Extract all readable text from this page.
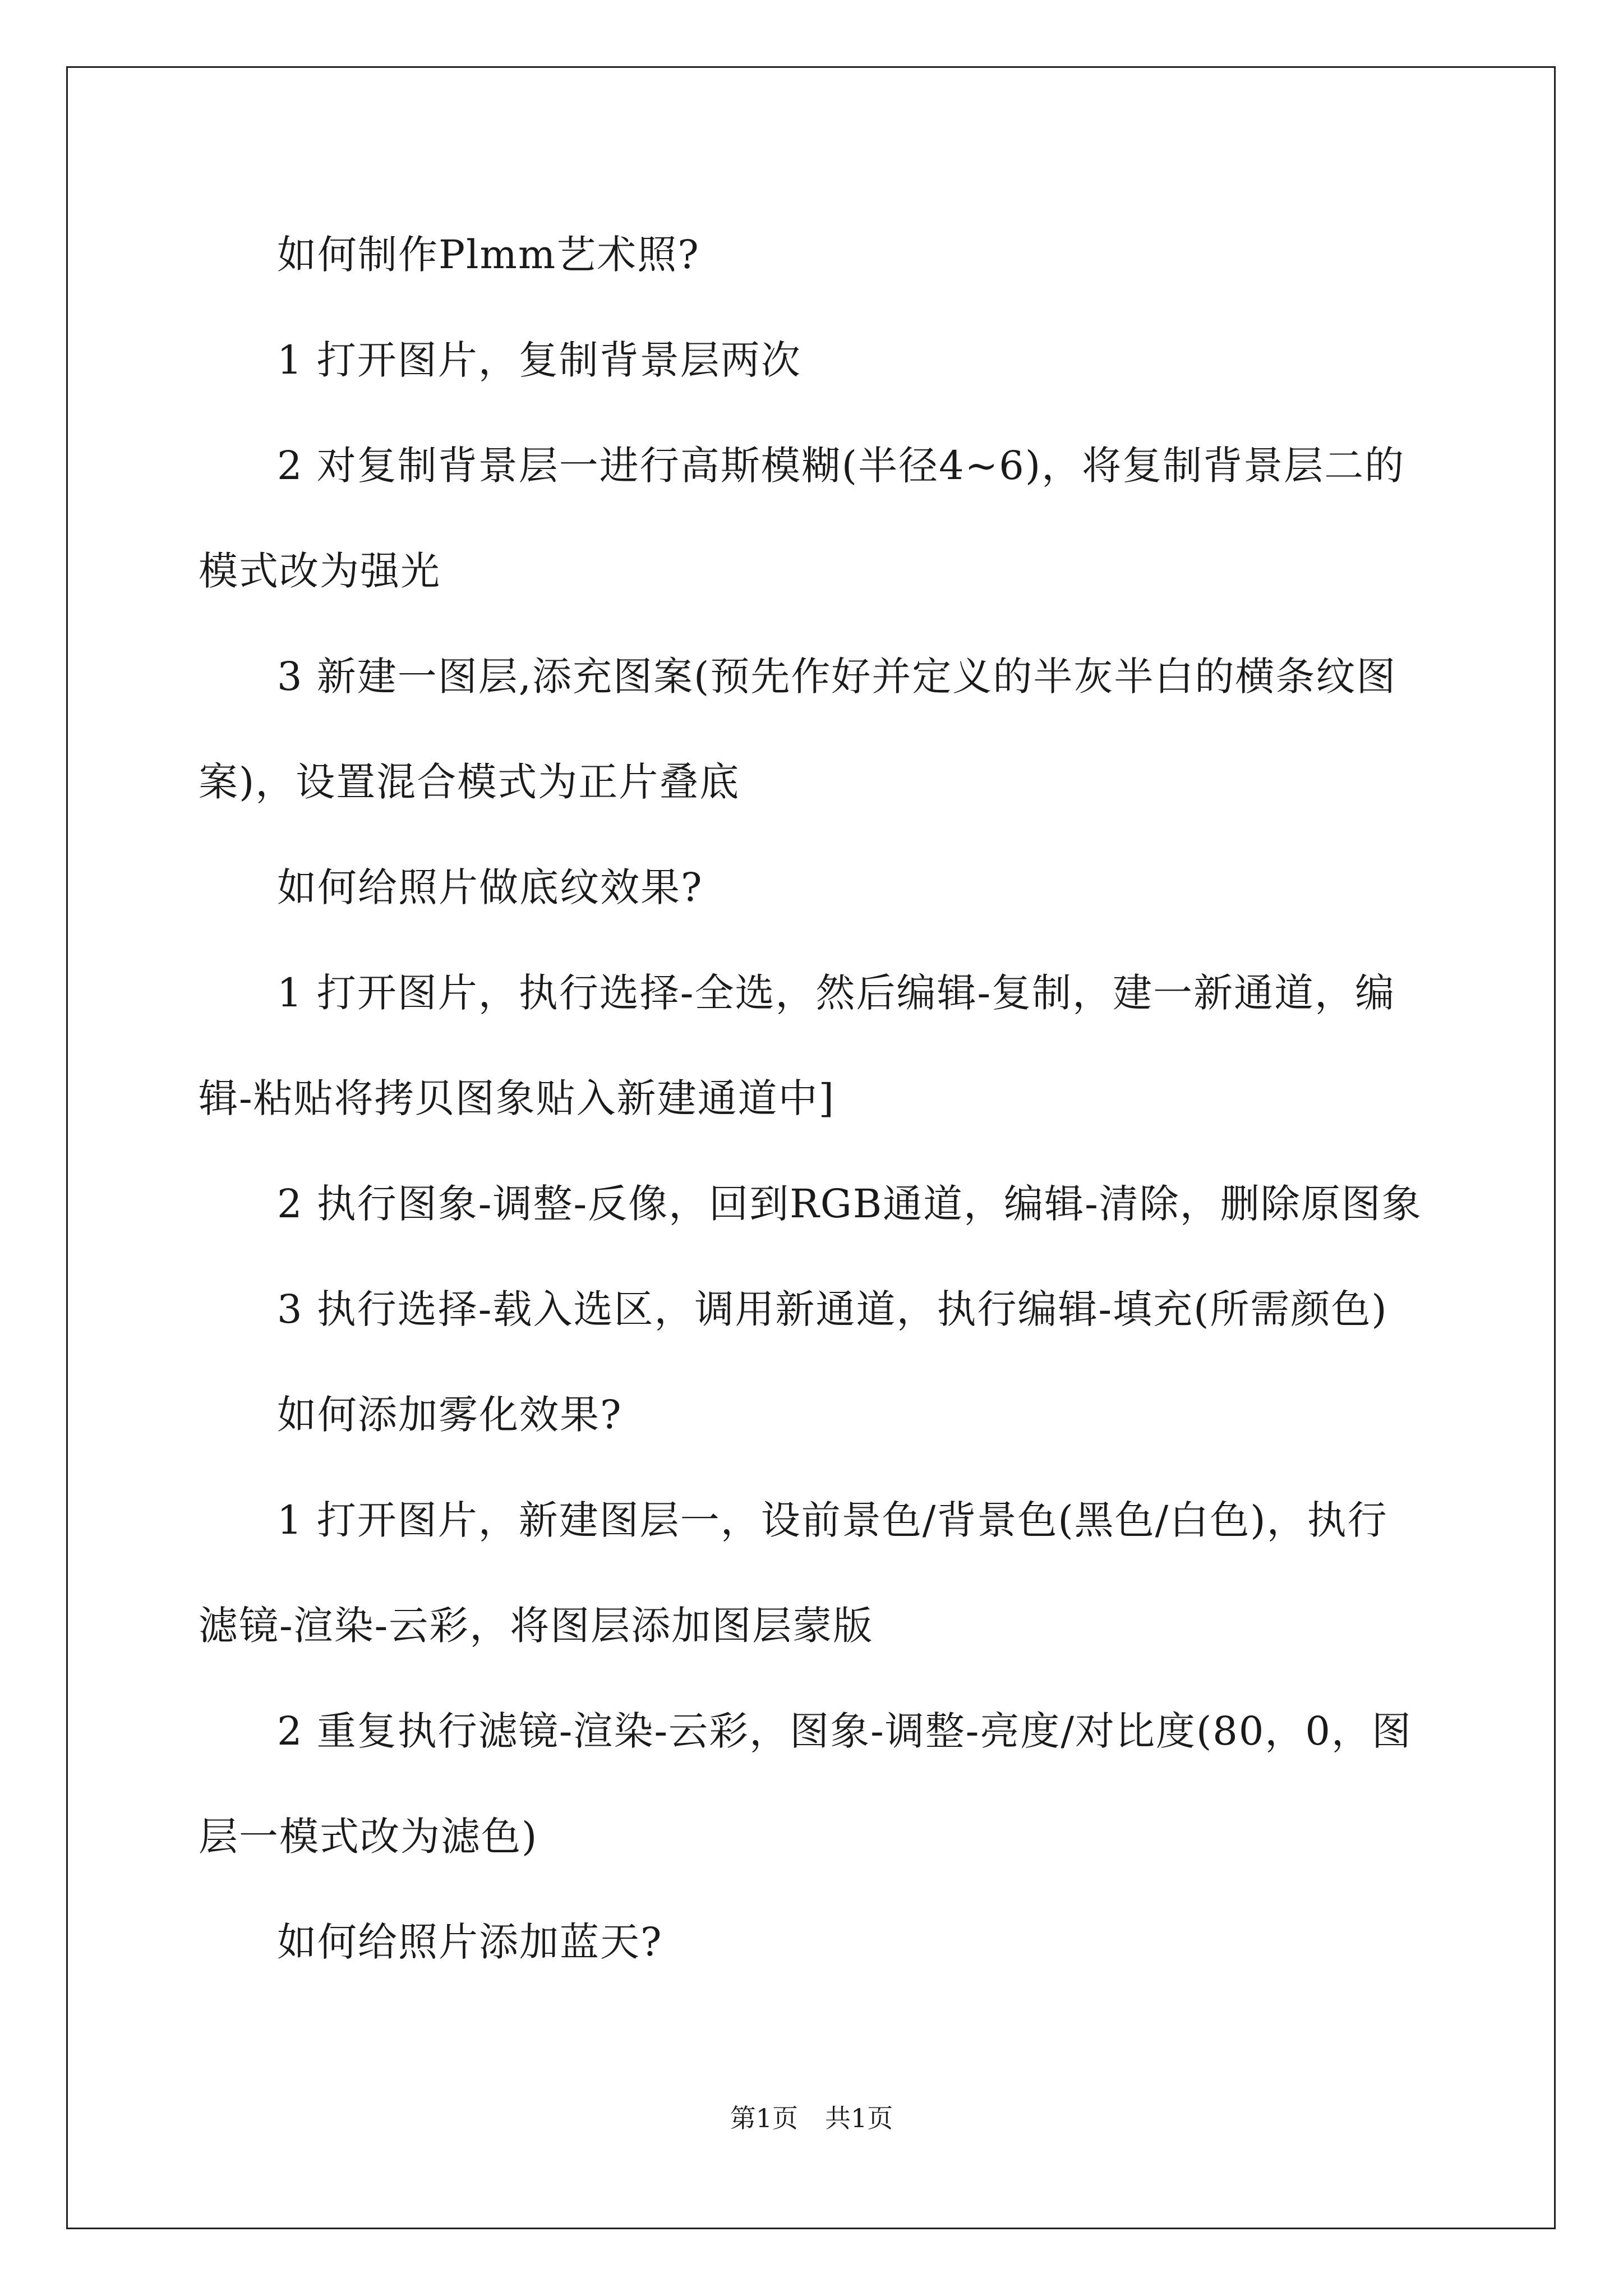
如何制作Plmm艺术照?

1 打开图片，复制背景层两次

2 对复制背景层一进行高斯模糊(半径4~6)，将复制背景层二的模式改为强光

3 新建一图层,添充图案(预先作好并定义的半灰半白的横条纹图案)，设置混合模式为正片叠底

如何给照片做底纹效果?

1 打开图片，执行选择-全选，然后编辑-复制，建一新通道，编辑-粘贴将拷贝图象贴入新建通道中]

2 执行图象-调整-反像，回到RGB通道，编辑-清除，删除原图象

3 执行选择-载入选区，调用新通道，执行编辑-填充(所需颜色)

如何添加雾化效果?

1 打开图片，新建图层一，设前景色/背景色(黑色/白色)，执行滤镜-渲染-云彩，将图层添加图层蒙版

2 重复执行滤镜-渲染-云彩，图象-调整-亮度/对比度(80，0，图层一模式改为滤色)

如何给照片添加蓝天?

第1页 共1页
